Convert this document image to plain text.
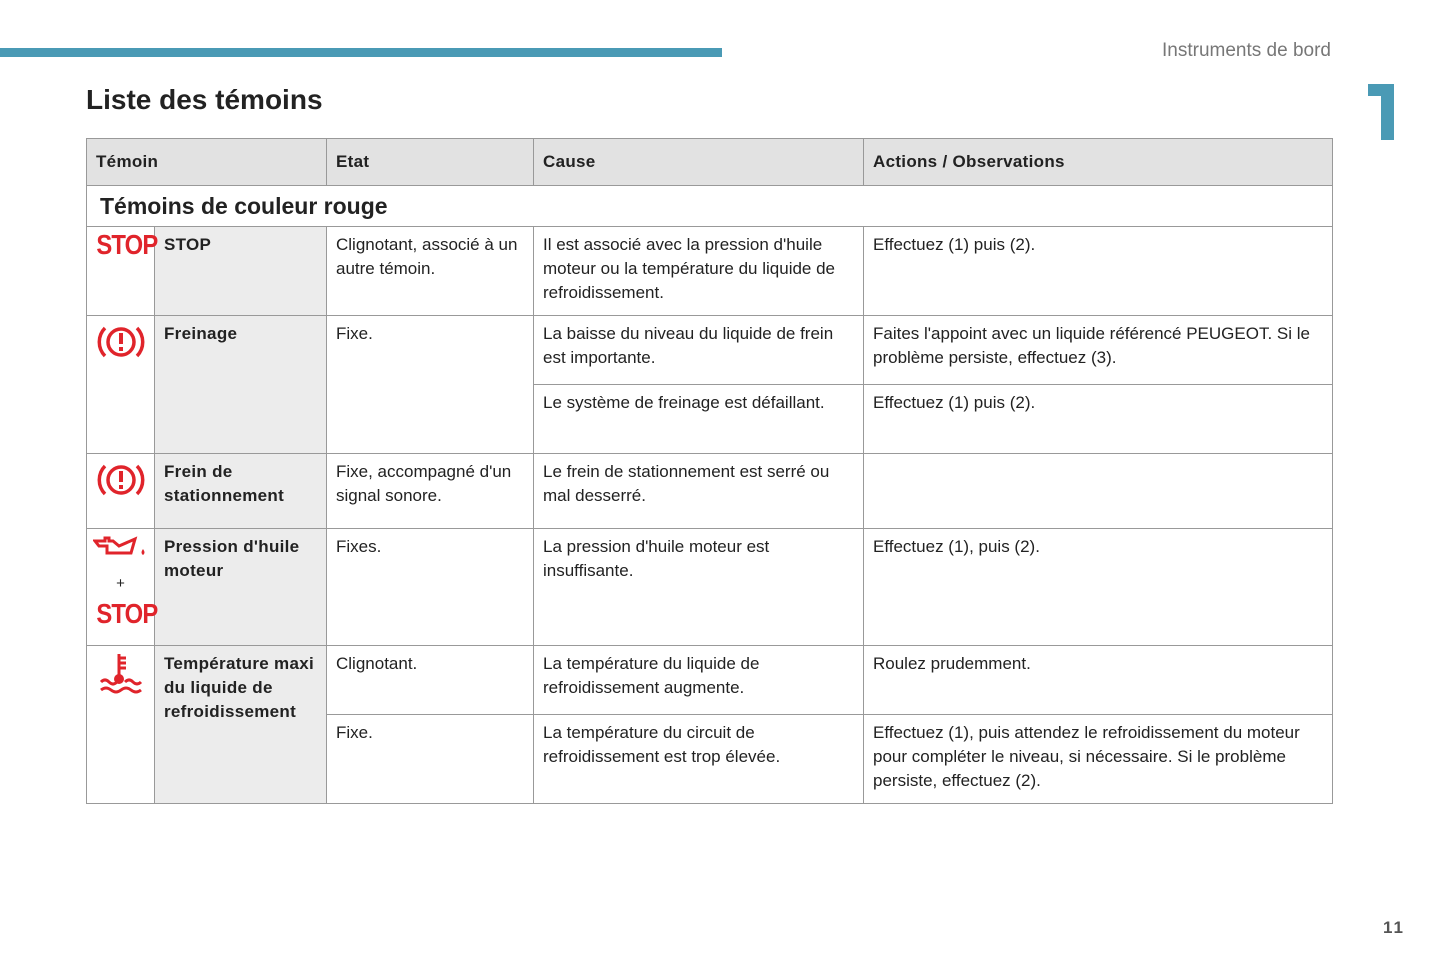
Instruments de bord
Liste des témoins
Témoin		Etat	Cause	Actions / Observations
Témoins de couleur rouge				
STOP	STOP	Clignotant, associé à un autre témoin.	Il est associé avec la pression d'huile moteur ou la température du liquide de refroidissement.	Effectuez (1) puis (2).
	Freinage	Fixe.	La baisse du niveau du liquide de frein est importante.	Faites l'appoint avec un liquide référencé PEUGEOT. Si le problème persiste, effectuez (3).
			Le système de freinage est défaillant.	Effectuez (1) puis (2).
	Frein de stationnement	Fixe, accompagné d'un signal sonore.	Le frein de stationnement est serré ou mal desserré.	

+
STOP	Pression d'huile moteur	Fixes.	La pression d'huile moteur est insuffisante.	Effectuez (1), puis (2).
	Température maxi du liquide de refroidissement	Clignotant.	La température du liquide de refroidissement augmente.	Roulez prudemment.
		Fixe.	La température du circuit de refroidissement est trop élevée.	Effectuez (1), puis attendez le refroidissement du moteur pour compléter le niveau, si nécessaire. Si le problème persiste, effectuez (2).
11
